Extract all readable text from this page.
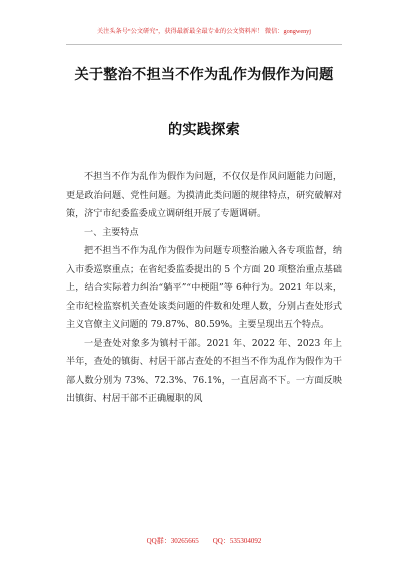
关注头条号“公文研究”，获得最新最全最专业的公文资料库！ 微信：gongwenyj
关于整治不担当不作为乱作为假作为问题
的实践探索

不担当不作为乱作为假作为问题，不仅仅是作风问题能力问题，更是政治问题、党性问题。为摸清此类问题的规律特点，研究破解对策，济宁市纪委监委成立调研组开展了专题调研。

一、主要特点

把不担当不作为乱作为假作为问题专项整治融入各专项监督，纳入市委巡察重点；在省纪委监委提出的 5 个方面 20 项整治重点基础上，结合实际着力纠治“躺平”“中梗阻”等 6种行为。2021 年以来，全市纪检监察机关查处该类问题的件数和处理人数，分别占查处形式主义官僚主义问题的 79.87%、80.59%。主要呈现出五个特点。

一是查处对象多为镇村干部。2021 年、2022 年、2023 年上半年，查处的镇街、村居干部占查处的不担当不作为乱作为假作为干部人数分别为 73%、72.3%、76.1%，一直居高不下。一方面反映出镇街、村居干部不正确履职的风

QQ群：30265665        QQ：535304092
